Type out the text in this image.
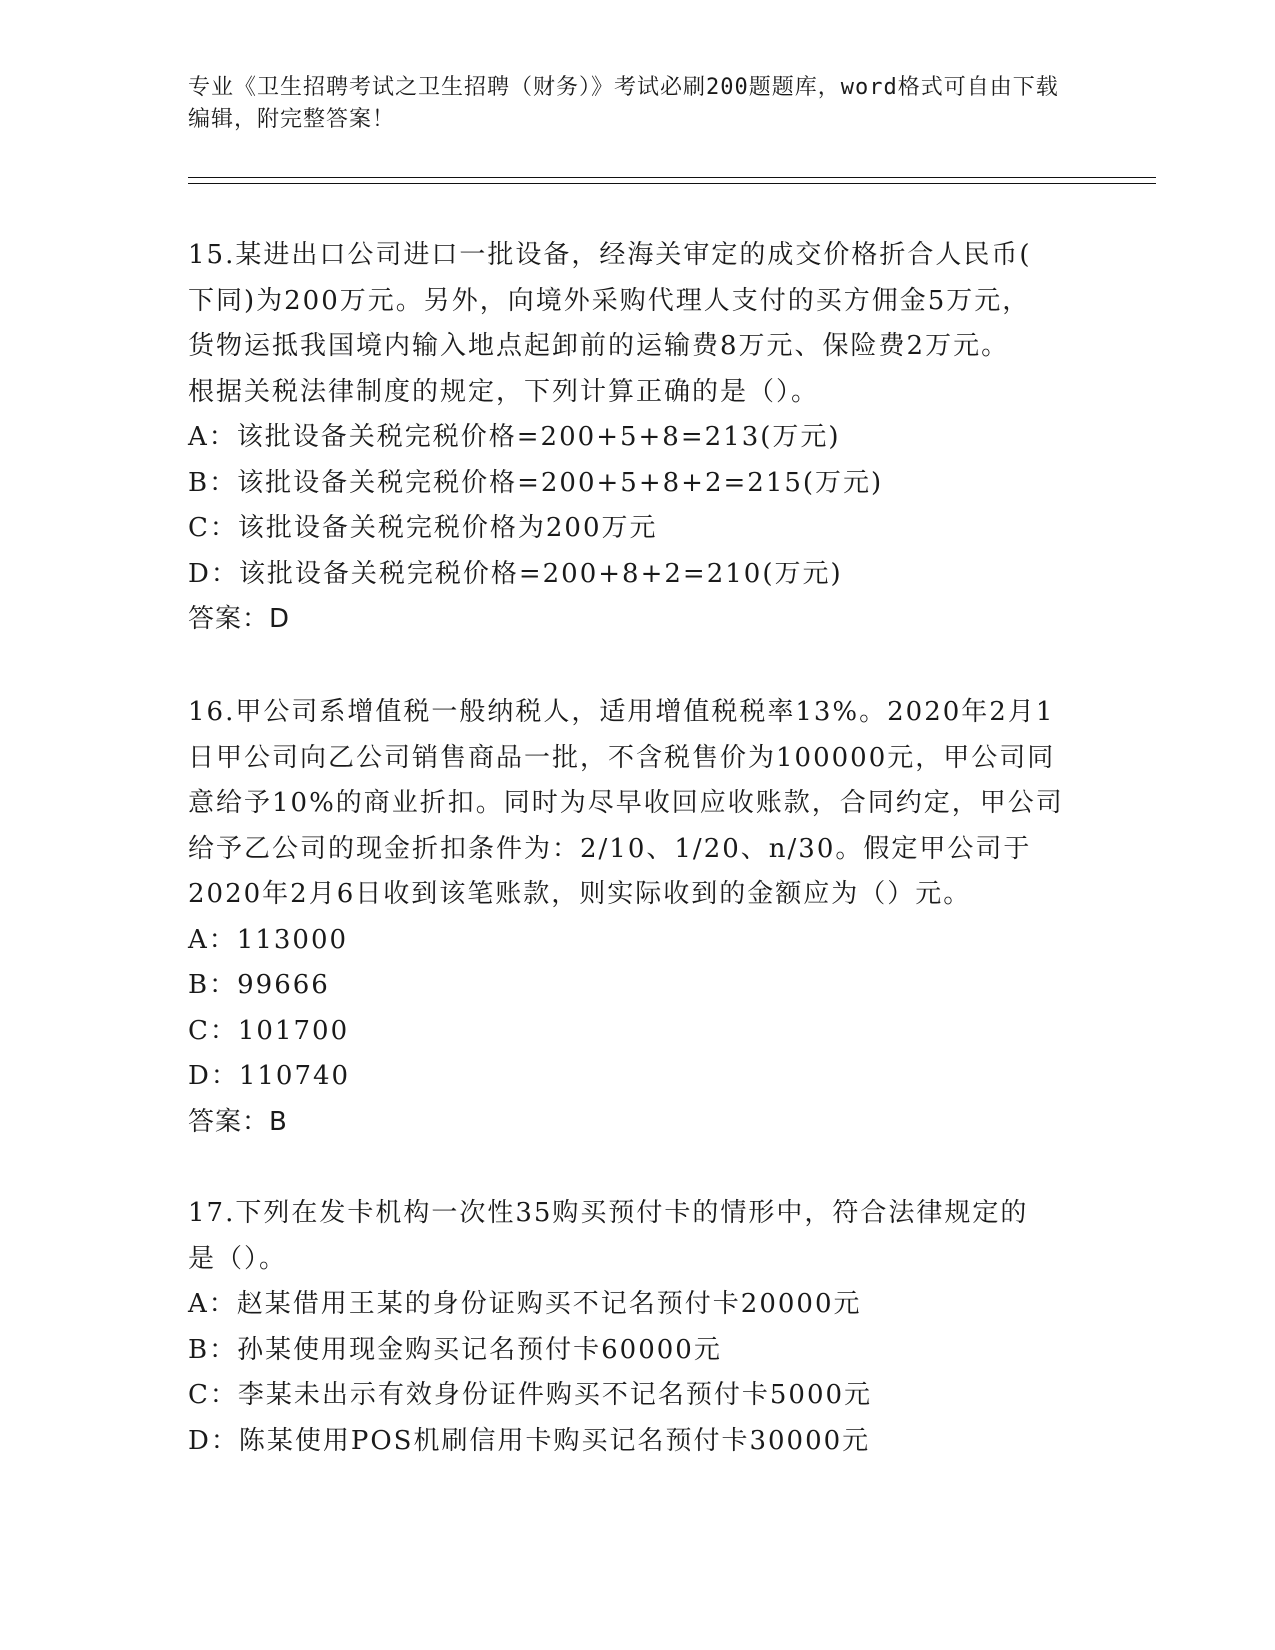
专业《卫生招聘考试之卫生招聘（财务）》考试必刷200题题库，word格式可自由下载编辑，附完整答案！

15.某进出口公司进口一批设备，经海关审定的成交价格折合人民币(

下同)为200万元。另外，向境外采购代理人支付的买方佣金5万元，

货物运抵我国境内输入地点起卸前的运输费8万元、保险费2万元。

根据关税法律制度的规定，下列计算正确的是（）。

A：该批设备关税完税价格=200+5+8=213(万元)

B：该批设备关税完税价格=200+5+8+2=215(万元)

C：该批设备关税完税价格为200万元

D：该批设备关税完税价格=200+8+2=210(万元)

答案：D

16.甲公司系增值税一般纳税人，适用增值税税率13%。2020年2月1

日甲公司向乙公司销售商品一批，不含税售价为100000元，甲公司同

意给予10%的商业折扣。同时为尽早收回应收账款，合同约定，甲公司

给予乙公司的现金折扣条件为：2/10、1/20、n/30。假定甲公司于

2020年2月6日收到该笔账款，则实际收到的金额应为（）元。

A：113000

B：99666

C：101700

D：110740

答案：B

17.下列在发卡机构一次性35购买预付卡的情形中，符合法律规定的

是（）。

A：赵某借用王某的身份证购买不记名预付卡20000元

B：孙某使用现金购买记名预付卡60000元

C：李某未出示有效身份证件购买不记名预付卡5000元

D：陈某使用POS机刷信用卡购买记名预付卡30000元
